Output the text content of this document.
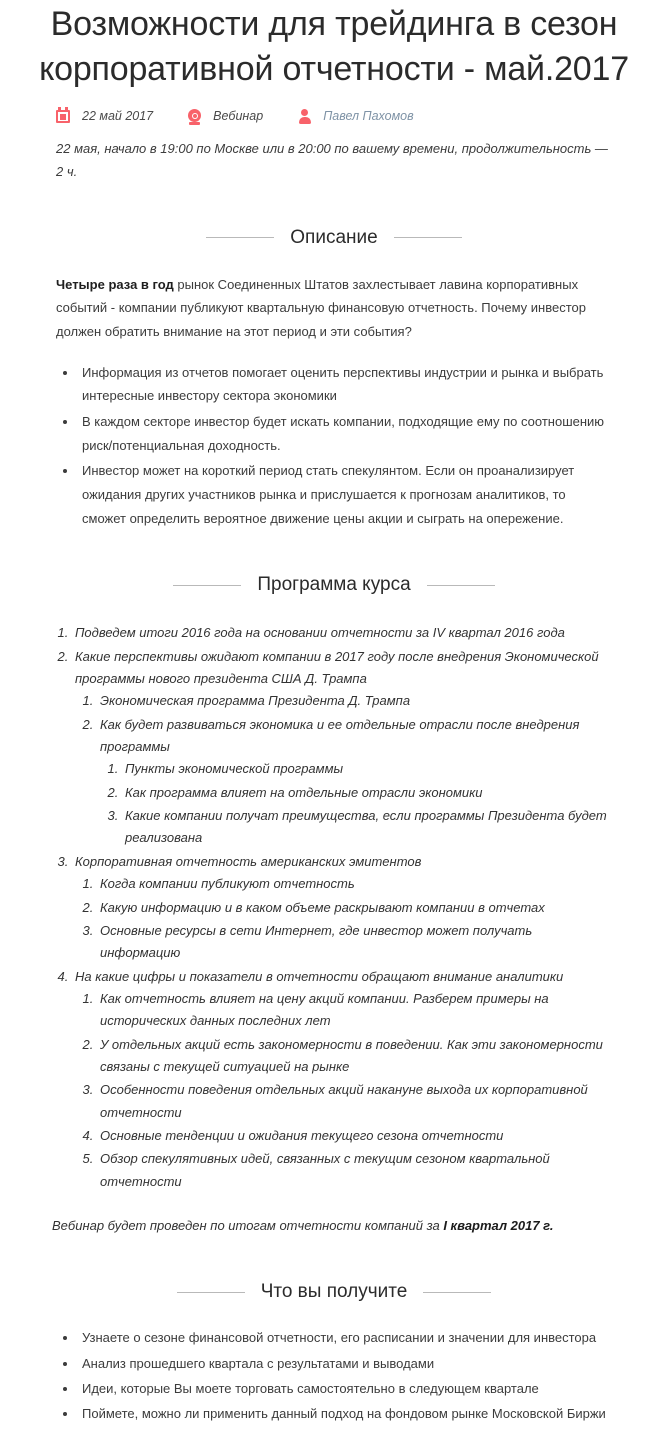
Возможности для трейдинга в сезон корпоративной отчетности - май.2017
22 май 2017	Вебинар	Павел Пахомов
22 мая, начало в 19:00 по Москве или в 20:00 по вашему времени, продолжительность — 2 ч.
Описание

Четыре раза в год рынок Соединенных Штатов захлестывает лавина корпоративных событий - компании публикуют квартальную финансовую отчетность. Почему инвестор должен обратить внимание на этот период и эти события?

• Информация из отчетов помогает оценить перспективы индустрии и рынка и выбрать интересные инвестору сектора экономики
• В каждом секторе инвестор будет искать компании, подходящие ему по соотношению риск/потенциальная доходность.
• Инвестор может на короткий период стать спекулянтом. Если он проанализирует ожидания других участников рынка и прислушается к прогнозам аналитиков, то сможет определить вероятное движение цены акции и сыграть на опережение.
Программа курса
1. Подведем итоги 2016 года на основании отчетности за IV квартал 2016 года
2. Какие перспективы ожидают компании в 2017 году после внедрения Экономической программы нового президента США Д. Трампа
1. Экономическая программа Президента Д. Трампа
2. Как будет развиваться экономика и ее отдельные отрасли после внедрения программы
1. Пункты экономической программы
2. Как программа влияет на отдельные отрасли экономики
3. Какие компании получат преимущества, если программы Президента будет реализована
3. Корпоративная отчетность американских эмитентов
1. Когда компании публикуют отчетность
2. Какую информацию и в каком объеме раскрывают компании в отчетах
3. Основные ресурсы в сети Интернет, где инвестор может получать информацию
4. На какие цифры и показатели в отчетности обращают внимание аналитики
1. Как отчетность влияет на цену акций компании. Разберем примеры на исторических данных последних лет
2. У отдельных акций есть закономерности в поведении. Как эти закономерности связаны с текущей ситуацией на рынке
3. Особенности поведения отдельных акций накануне выхода их корпоративной отчетности
4. Основные тенденции и ожидания текущего сезона отчетности
5. Обзор спекулятивных идей, связанных с текущим сезоном квартальной отчетности

Вебинар будет проведен по итогам отчетности компаний за I квартал 2017 г.

Что вы получите
• Узнаете о сезоне финансовой отчетности, его расписании и значении для инвестора
• Анализ прошедшего квартала с результатами и выводами
• Идеи, которые Вы моете торговать самостоятельно в следующем квартале
• Поймете, можно ли применить данный подход на фондовом рынке Московской Биржи
